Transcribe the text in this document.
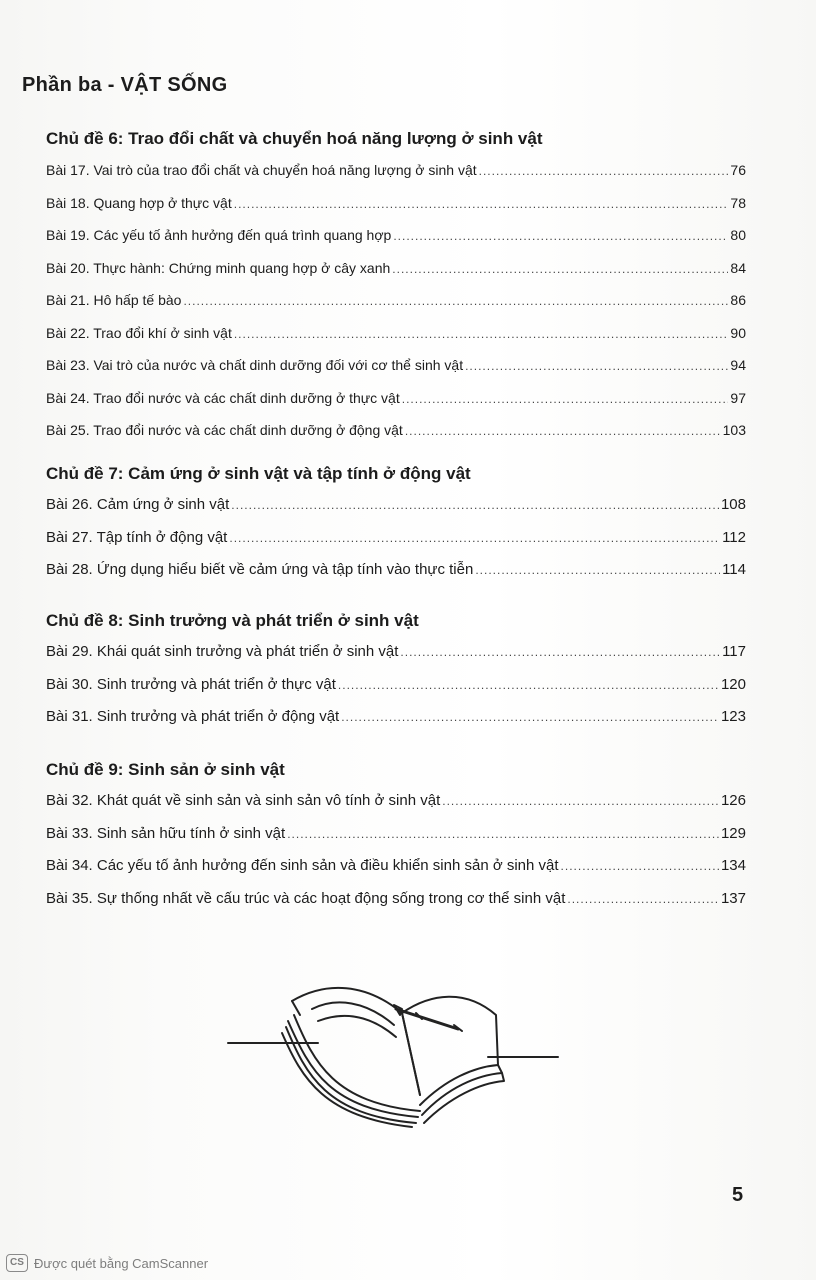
Phần ba - VẬT SỐNG
Chủ đề 6: Trao đổi chất và chuyển hoá năng lượng ở sinh vật
Bài 17. Vai trò của trao đổi chất và chuyển hoá năng lượng ở sinh vật .....	76
Bài 18. Quang hợp ở thực vật .....	78
Bài 19. Các yếu tố ảnh hưởng đến quá trình quang hợp .....	80
Bài 20. Thực hành: Chứng minh quang hợp ở cây xanh .....	84
Bài 21. Hô hấp tế bào .....	86
Bài 22. Trao đổi khí ở sinh vật .....	90
Bài 23. Vai trò của nước và chất dinh dưỡng đối với cơ thể sinh vật .....	94
Bài 24. Trao đổi nước và các chất dinh dưỡng ở thực vật .....	97
Bài 25. Trao đổi nước và các chất dinh dưỡng ở động vật .....	103
Chủ đề 7: Cảm ứng ở sinh vật và tập tính ở động vật
Bài 26. Cảm ứng ở sinh vật .....	108
Bài 27. Tập tính ở động vật .....	112
Bài 28. Ứng dụng hiểu biết về cảm ứng và tập tính vào thực tiễn .....	114
Chủ đề 8: Sinh trưởng và phát triển ở sinh vật
Bài 29. Khái quát sinh trưởng và phát triển ở sinh vật .....	117
Bài 30. Sinh trưởng và phát triển ở thực vật .....	120
Bài 31. Sinh trưởng và phát triển ở động vật .....	123
Chủ đề 9: Sinh sản ở sinh vật
Bài 32. Khát quát về sinh sản và sinh sản vô tính ở sinh vật .....	126
Bài 33. Sinh sản hữu tính ở sinh vật .....	129
Bài 34. Các yếu tố ảnh hưởng đến sinh sản và điều khiển sinh sản ở sinh vật .....	134
Bài 35. Sự thống nhất về cấu trúc và các hoạt động sống trong cơ thể sinh vật .....	137
5
CS Được quét bằng CamScanner
